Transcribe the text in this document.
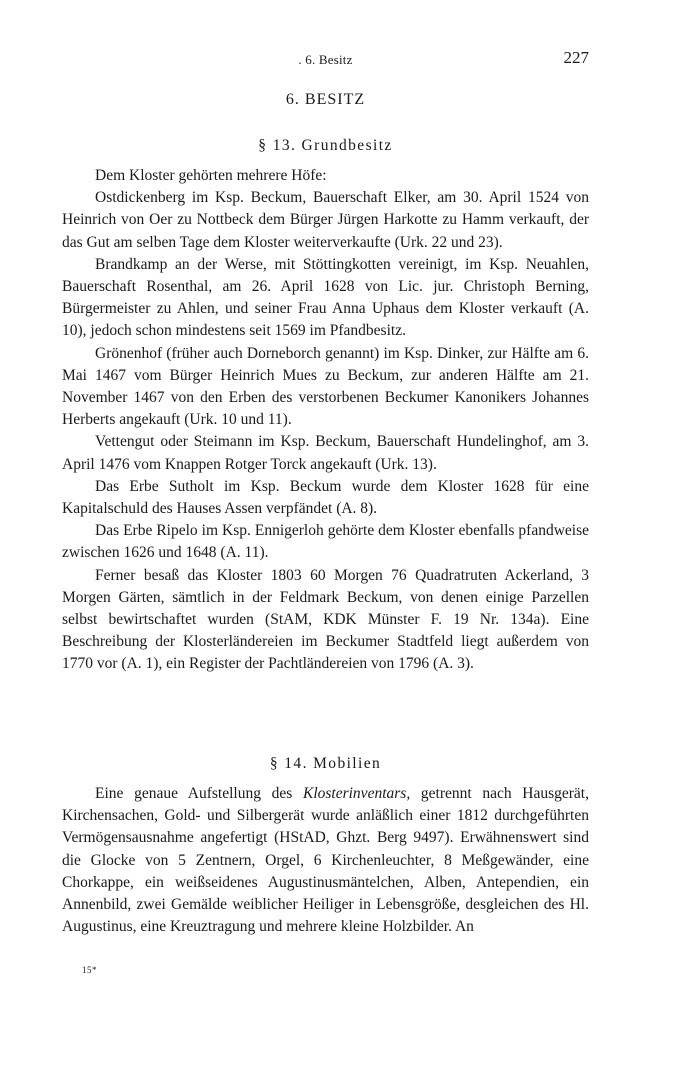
. 6. Besitz	227
6. BESITZ
§ 13. Grundbesitz

Dem Kloster gehörten mehrere Höfe:

Ostdickenberg im Ksp. Beckum, Bauerschaft Elker, am 30. April 1524 von Heinrich von Oer zu Nottbeck dem Bürger Jürgen Harkotte zu Hamm verkauft, der das Gut am selben Tage dem Kloster weiterverkaufte (Urk. 22 und 23).

Brandkamp an der Werse, mit Stöttingkotten vereinigt, im Ksp. Neuahlen, Bauerschaft Rosenthal, am 26. April 1628 von Lic. jur. Christoph Berning, Bürgermeister zu Ahlen, und seiner Frau Anna Uphaus dem Kloster verkauft (A. 10), jedoch schon mindestens seit 1569 im Pfandbesitz.

Grönenhof (früher auch Dorneborch genannt) im Ksp. Dinker, zur Hälfte am 6. Mai 1467 vom Bürger Heinrich Mues zu Beckum, zur anderen Hälfte am 21. November 1467 von den Erben des verstorbenen Beckumer Kanonikers Johannes Herberts angekauft (Urk. 10 und 11).

Vettengut oder Steimann im Ksp. Beckum, Bauerschaft Hundelinghof, am 3. April 1476 vom Knappen Rotger Torck angekauft (Urk. 13).

Das Erbe Sutholt im Ksp. Beckum wurde dem Kloster 1628 für eine Kapitalschuld des Hauses Assen verpfändet (A. 8).

Das Erbe Ripelo im Ksp. Ennigerloh gehörte dem Kloster ebenfalls pfandweise zwischen 1626 und 1648 (A. 11).

Ferner besaß das Kloster 1803 60 Morgen 76 Quadratruten Ackerland, 3 Morgen Gärten, sämtlich in der Feldmark Beckum, von denen einige Parzellen selbst bewirtschaftet wurden (StAM, KDK Münster F. 19 Nr. 134a). Eine Beschreibung der Klosterländereien im Beckumer Stadtfeld liegt außerdem von 1770 vor (A. 1), ein Register der Pachtländereien von 1796 (A. 3).

§ 14. Mobilien

Eine genaue Aufstellung des Klosterinventars, getrennt nach Hausgerät, Kirchensachen, Gold- und Silbergerät wurde anläßlich einer 1812 durchgeführten Vermögensausnahme angefertigt (HStAD, Ghzt. Berg 9497). Erwähnenswert sind die Glocke von 5 Zentnern, Orgel, 6 Kirchenleuchter, 8 Meßgewänder, eine Chorkappe, ein weißseidenes Augustinusmäntelchen, Alben, Antependien, ein Annenbild, zwei Gemälde weiblicher Heiliger in Lebensgröße, desgleichen des Hl. Augustinus, eine Kreuztragung und mehrere kleine Holzbilder. An

15*
